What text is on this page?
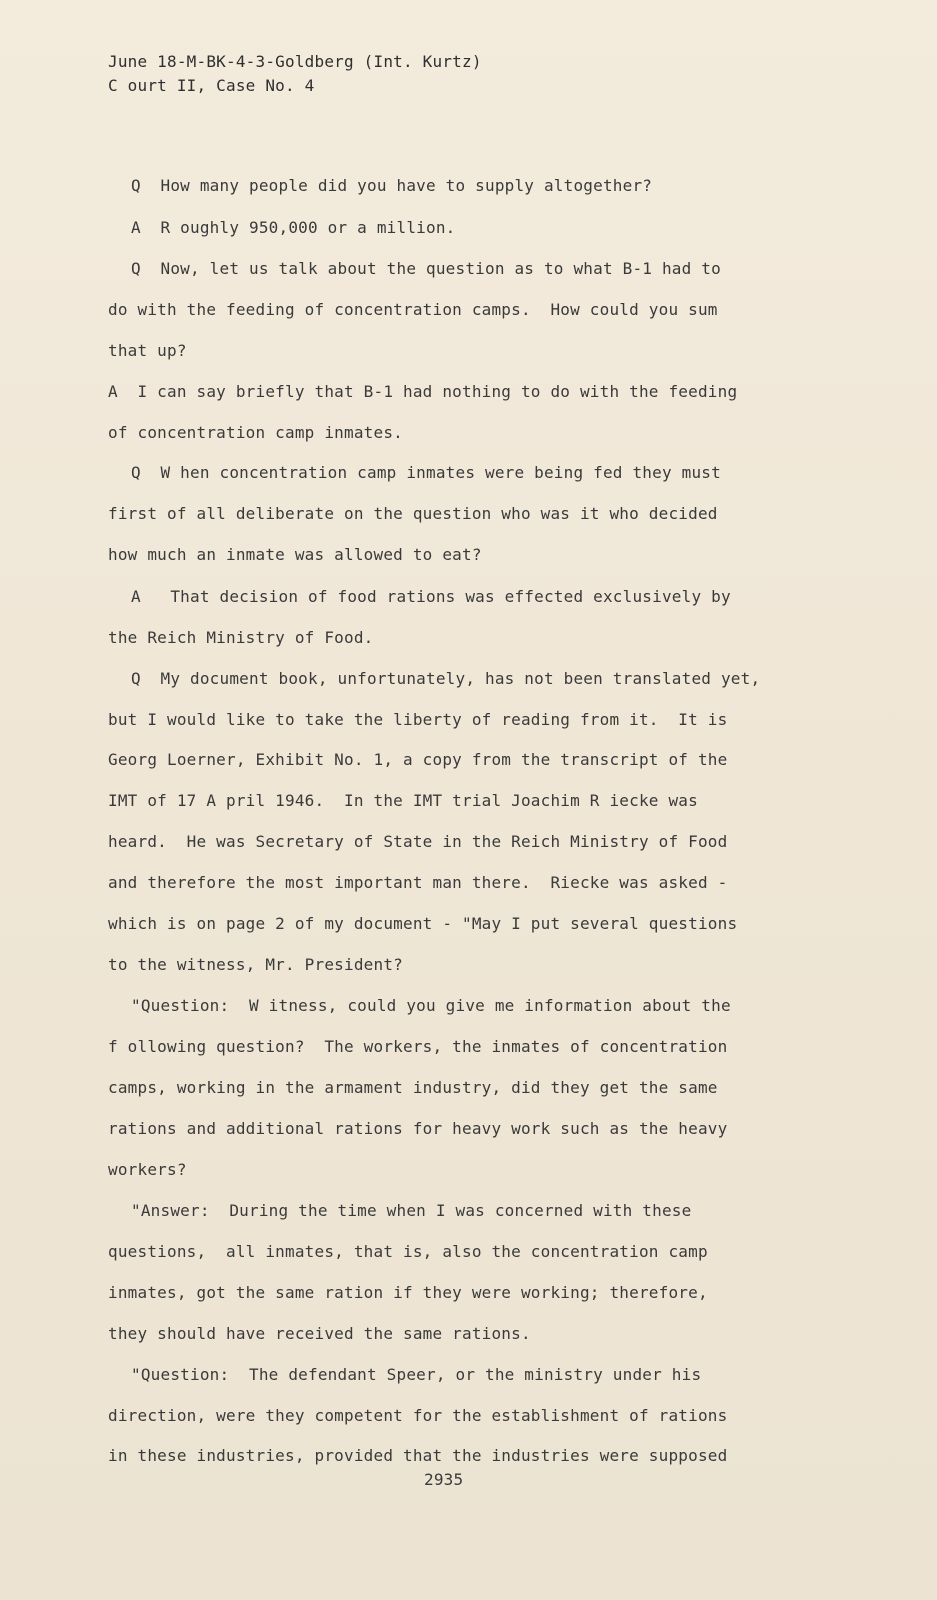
June 18-M-BK-4-3-Goldberg (Int. Kurtz)
C ourt II, Case No. 4
Q  How many people did you have to supply altogether?
A  R oughly 950,000 or a million.
Q  Now, let us talk about the question as to what B-1 had to
do with the feeding of concentration camps.  How could you sum
that up?
A  I can say briefly that B-1 had nothing to do with the feeding
of concentration camp inmates.
Q  W hen concentration camp inmates were being fed they must
first of all deliberate on the question who was it who decided
how much an inmate was allowed to eat?
A   That decision of food rations was effected exclusively by
the Reich Ministry of Food.
Q  My document book, unfortunately, has not been translated yet,
but I would like to take the liberty of reading from it.  It is
Georg Loerner, Exhibit No. 1, a copy from the transcript of the
IMT of 17 A pril 1946.  In the IMT trial Joachim R iecke was
heard.  He was Secretary of State in the Reich Ministry of Food
and therefore the most important man there.  Riecke was asked -
which is on page 2 of my document - "May I put several questions
to the witness, Mr. President?
"Question:  W itness, could you give me information about the
f ollowing question?  The workers, the inmates of concentration
camps, working in the armament industry, did they get the same
rations and additional rations for heavy work such as the heavy
workers?
"Answer:  During the time when I was concerned with these
questions,  all inmates, that is, also the concentration camp
inmates, got the same ration if they were working; therefore,
they should have received the same rations.
"Question:  The defendant Speer, or the ministry under his
direction, were they competent for the establishment of rations
in these industries, provided that the industries were supposed
2935
